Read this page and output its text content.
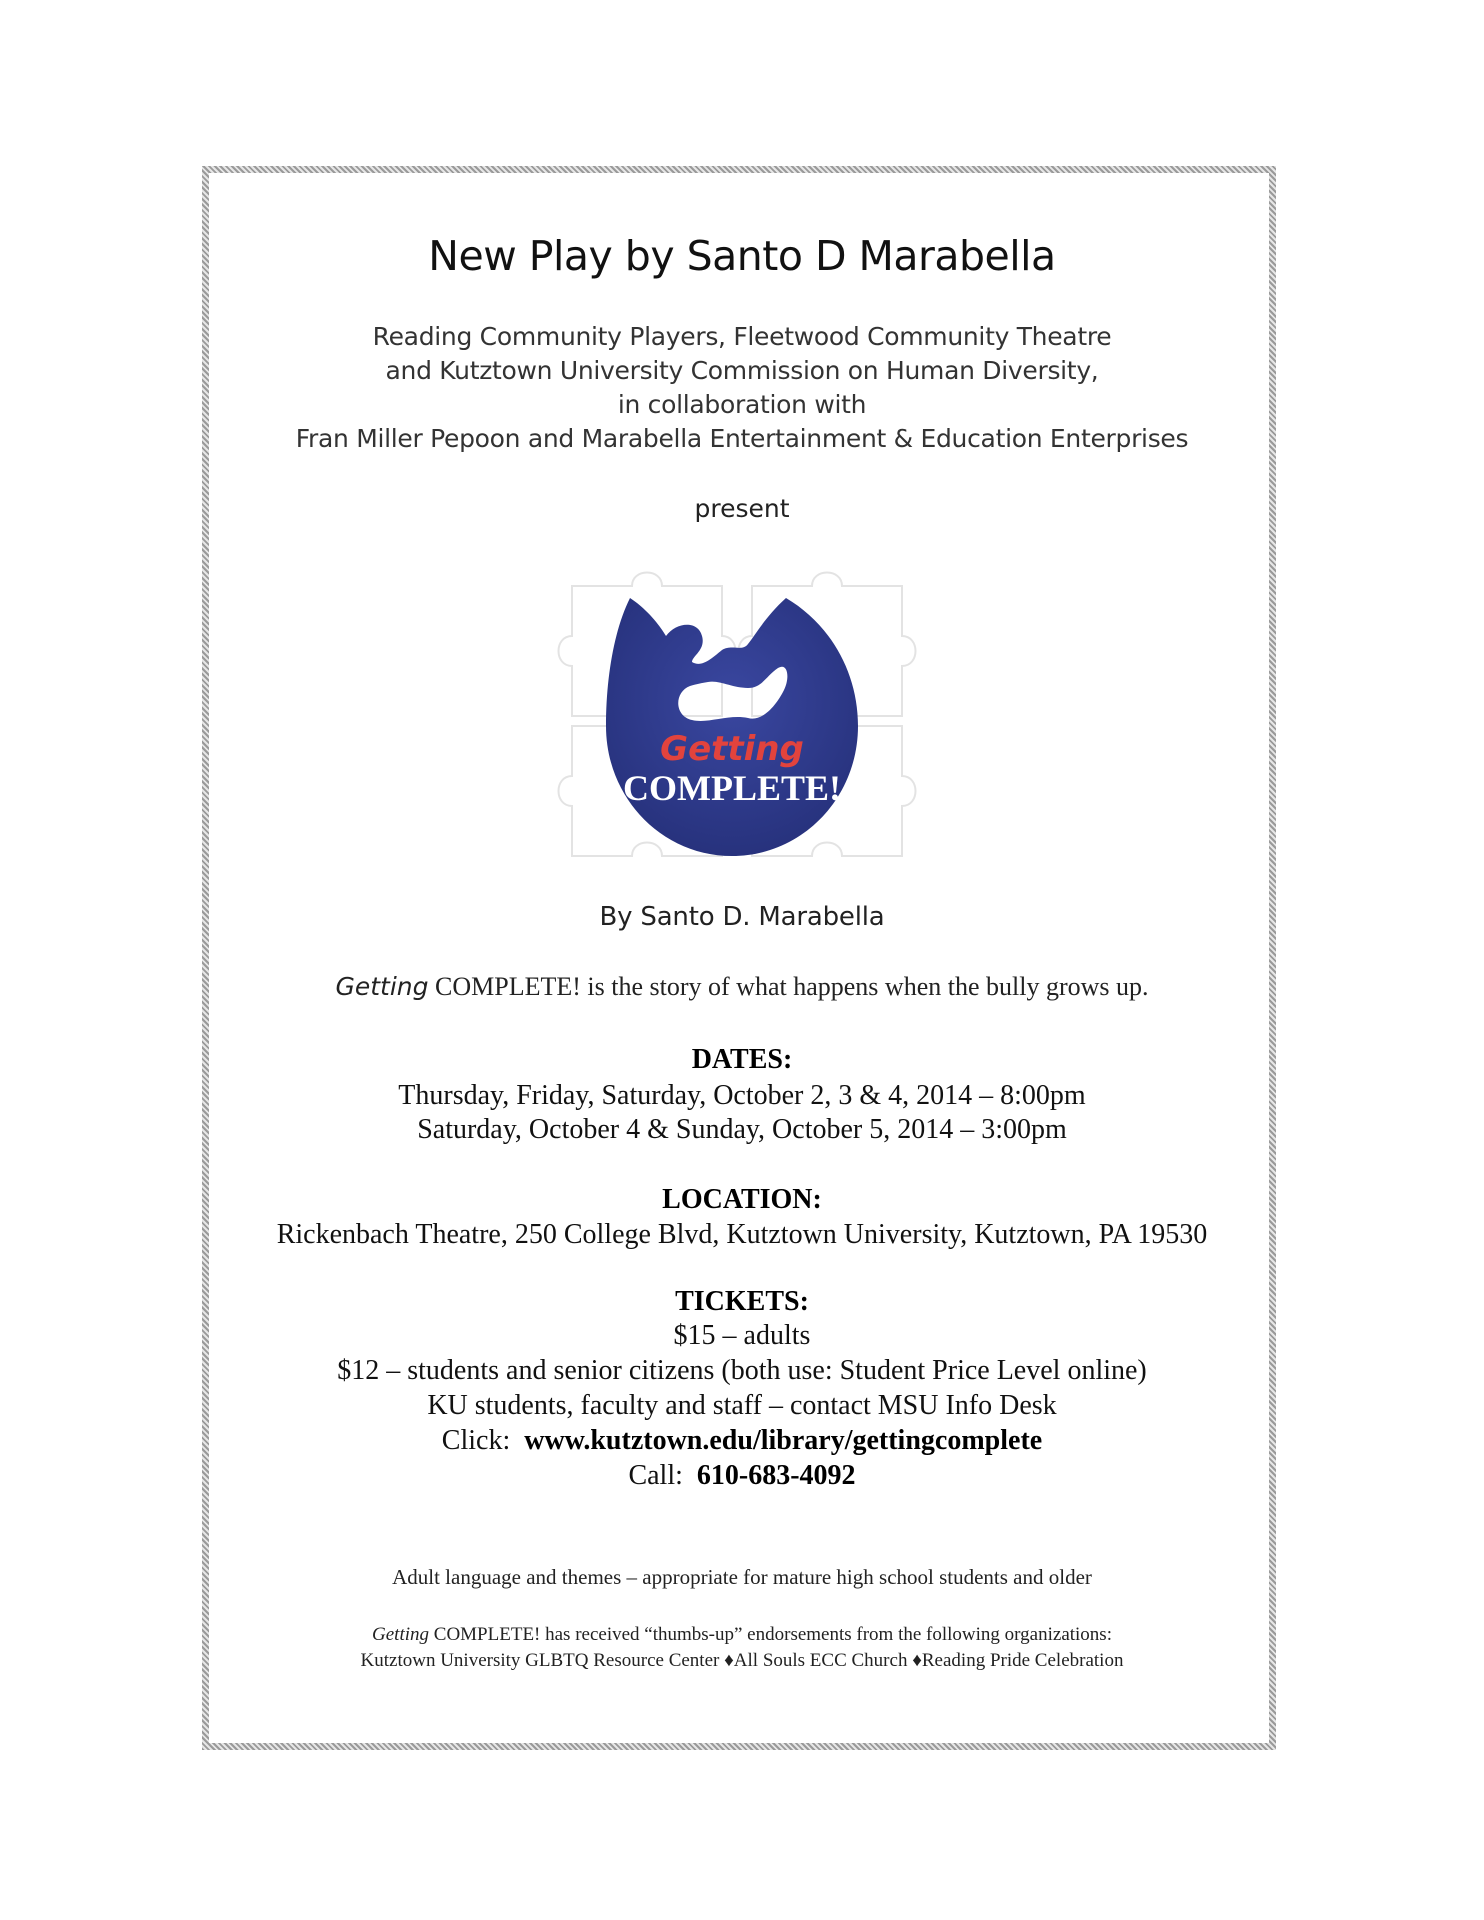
New Play by Santo D Marabella
Reading Community Players, Fleetwood Community Theatre
and Kutztown University Commission on Human Diversity,
in collaboration with
Fran Miller Pepoon and Marabella Entertainment & Education Enterprises
present
Getting
COMPLETE!
By Santo D. Marabella
Getting COMPLETE! is the story of what happens when the bully grows up.
DATES:
Thursday, Friday, Saturday, October 2, 3 & 4, 2014 – 8:00pm
Saturday, October 4 & Sunday, October 5, 2014 – 3:00pm
LOCATION:
Rickenbach Theatre, 250 College Blvd, Kutztown University, Kutztown, PA 19530
TICKETS:
$15 – adults
$12 – students and senior citizens (both use: Student Price Level online)
KU students, faculty and staff – contact MSU Info Desk
Click:  www.kutztown.edu/library/gettingcomplete
Call:  610-683-4092
Adult language and themes – appropriate for mature high school students and older
Getting COMPLETE! has received “thumbs-up” endorsements from the following organizations:
Kutztown University GLBTQ Resource Center ♦All Souls ECC Church ♦Reading Pride Celebration
